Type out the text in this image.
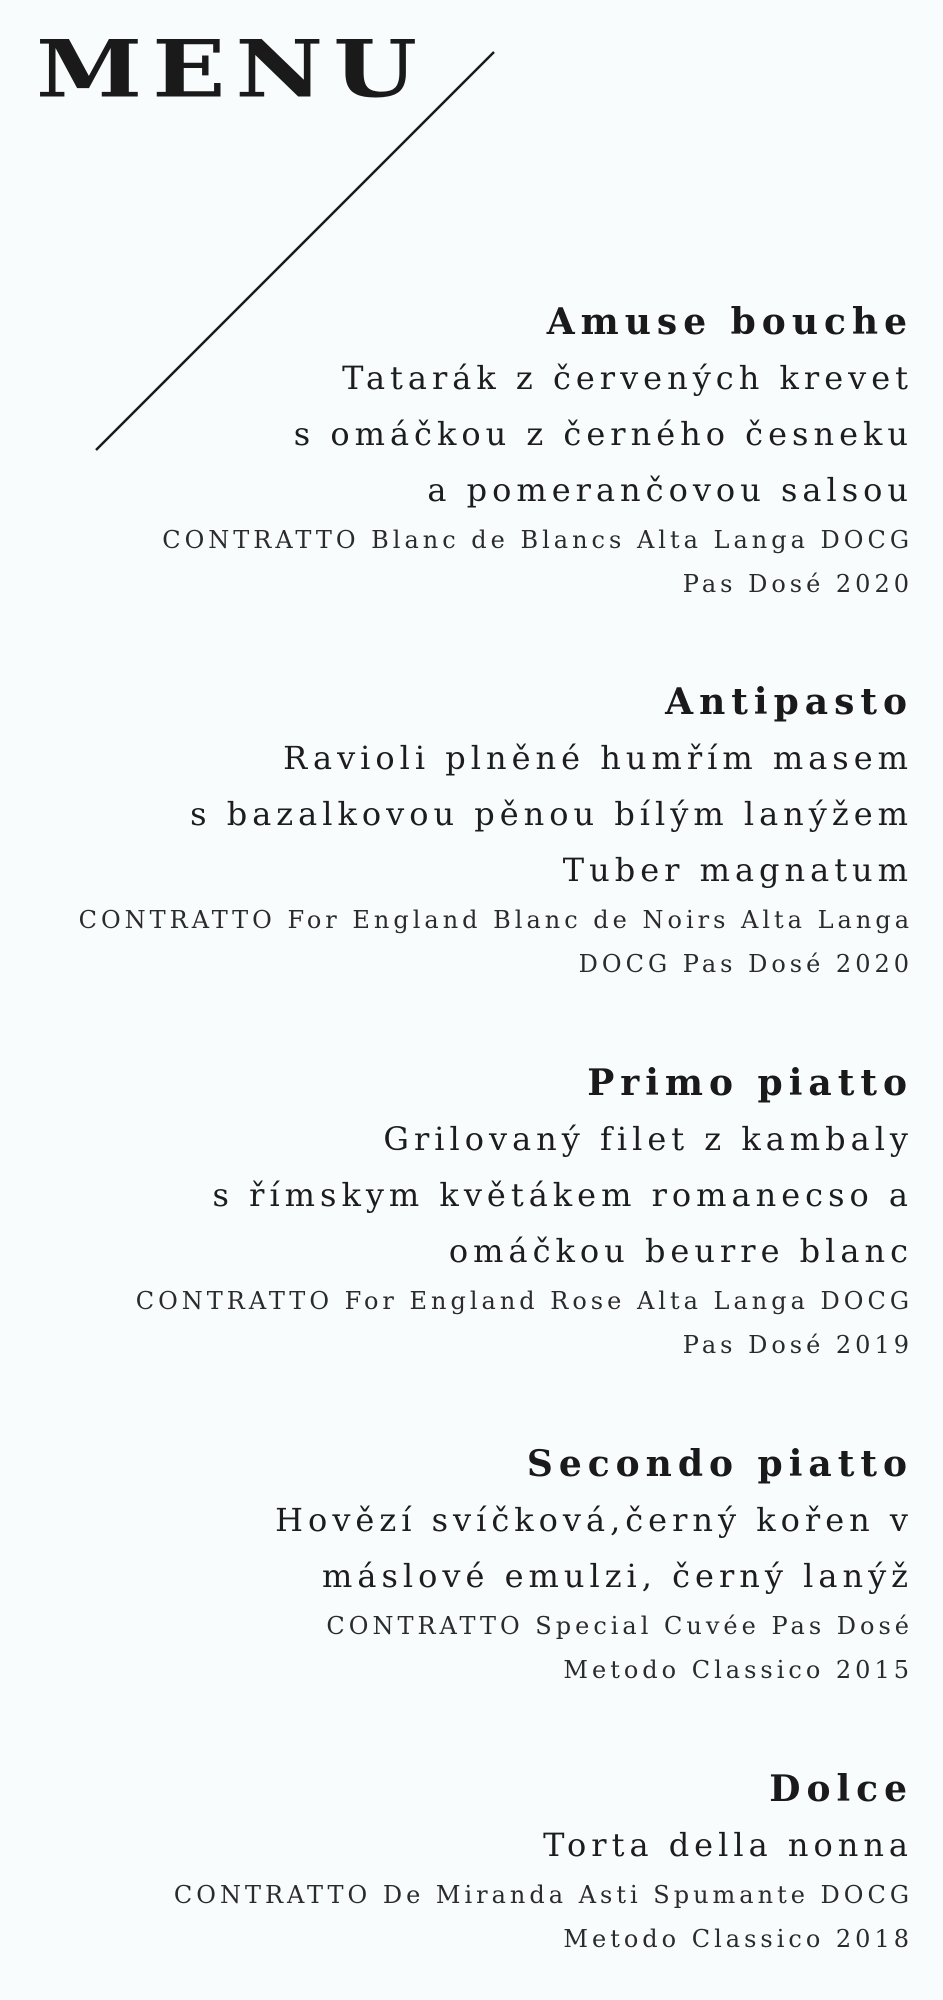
MENU
Amuse bouche

Tatarák z červených krevet

s omáčkou z černého česneku

a pomerančovou salsou

CONTRATTO Blanc de Blancs Alta Langa DOCG

Pas Dosé 2020

Antipasto

Ravioli plněné humřím masem

s bazalkovou pěnou bílým lanýžem

Tuber magnatum

CONTRATTO For England Blanc de Noirs Alta Langa

DOCG Pas Dosé 2020

Primo piatto

Grilovaný filet z kambaly

s římskym květákem romanecso a

omáčkou beurre blanc

CONTRATTO For England Rose Alta Langa DOCG

Pas Dosé 2019

Secondo piatto

Hovězí svíčková,černý kořen v

máslové emulzi, černý lanýž

CONTRATTO Special Cuvée Pas Dosé

Metodo Classico 2015

Dolce

Torta della nonna

CONTRATTO De Miranda Asti Spumante DOCG

Metodo Classico 2018
